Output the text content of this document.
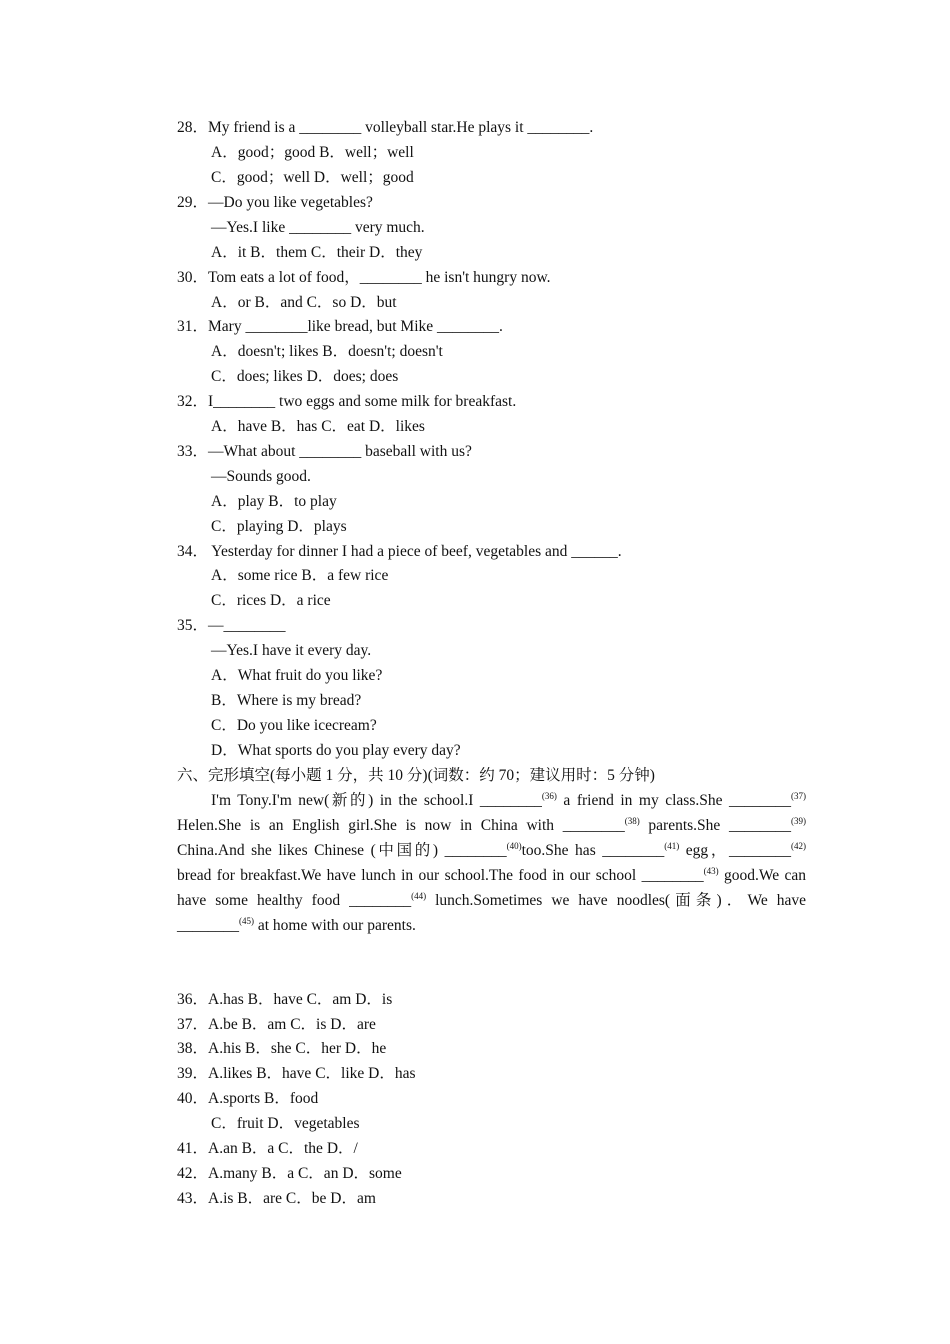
28．My friend is a ________ volleyball star.He plays it ________.
A．good；good B．well；well
C．good；well D．well；good
29．—Do you like vegetables?
—Yes.I like ________ very much.
A．it B．them C．their D．they
30．Tom eats a lot of food，________ he isn't hungry now.
A．or B．and C．so D．but
31．Mary ________like bread, but Mike ________.
A．doesn't; likes B．doesn't; doesn't
C．does; likes D．does; does
32．I________ two eggs and some milk for breakfast.
A．have B．has C．eat D．likes
33．—What about ________ baseball with us?
—Sounds good.
A．play B．to play
C．playing D．plays
34． Yesterday for dinner I had a piece of beef, vegetables and ______.
A．some rice B．a few rice
C．rices D．a rice
35．—________
—Yes.I have it every day.
A．What fruit do you like?
B．Where is my bread?
C．Do you like icecream?
D．What sports do you play every day?
六、完形填空(每小题 1 分，共 10 分)(词数：约 70；建议用时：5 分钟)
I'm Tony.I'm new(新的) in the school.I ________$^{(36)}$ a friend in my class.She ________$^{(37)}$ Helen.She is an English girl.She is now in China with ________$^{(38)}$ parents.She ________$^{(39)}$ China.And she likes Chinese (中国的) ________$^{(40)}$too.She has ________$^{(41)}$ egg，________$^{(42)}$ bread for breakfast.We have lunch in our school.The food in our school ________$^{(43)}$ good.We can have some healthy food ________$^{(44)}$ lunch.Sometimes we have noodles(面条)．We have ________$^{(45)}$ at home with our parents.
36．A.has B．have C．am D．is
37．A.be B．am C．is D．are
38．A.his B．she C．her D．he
39．A.likes B．have C．like D．has
40．A.sports B．food
C．fruit D．vegetables
41．A.an B．a C．the D．/
42．A.many B．a C．an D．some
43．A.is B．are C．be D．am
